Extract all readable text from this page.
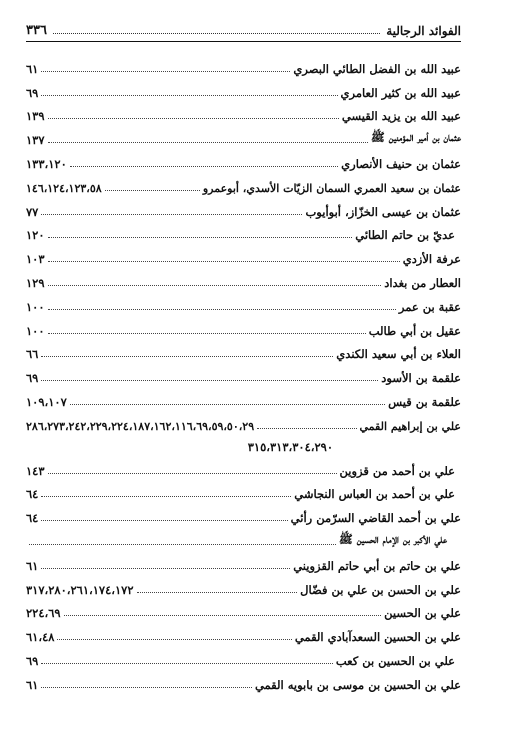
الفوائد الرجالية
٣٣٦
عبيد الله بن الفضل الطائي البصري
٦١
عبيد الله بن كثير العامري
٦٩
عبيد الله بن يزيد القيسي
١٣٩
عثمان بن أمير المؤمنين ﷺ
١٣٧
عثمان بن حنيف الأنصاري
١٣٣،١٢٠
عثمان بن سعيد العمري السمان الزيّات الأسدي، أبوعمرو
١٤٦،١٢٤،١٢٣،٥٨
عثمان بن عيسى الخزّاز، أبوأيوب
٧٧
عديّ بن حاتم الطائي
١٢٠
عرفة الأزدي
١٠٣
العطار من بغداد
١٢٩
عقبة بن عمر
١٠٠
عقيل بن أبي طالب
١٠٠
العلاء بن أبي سعيد الكندي
٦٦
علقمة بن الأسود
٦٩
علقمة بن قيس
١٠٩،١٠٧
علي بن إبراهيم القمي
٢٨٦،٢٧٣،٢٤٢،٢٢٩،٢٢٤،١٨٧،١٦٢،١١٦،٦٩،٥٩،٥٠،٢٩
٣١٥،٣١٣،٣٠٤،٢٩٠
علي بن أحمد من قزوين
١٤٣
علي بن أحمد بن العباس النجاشي
٦٤
علي بن أحمد القاضي السرّمن رأئي
٦٤
علي الأكبر بن الإمام الحسين ﷺ
علي بن حاتم بن أبي حاتم القزويني
٦١
علي بن الحسن بن علي بن فضّال
٣١٧،٢٨٠،٢٦١،١٧٤،١٧٢
علي بن الحسين
٢٢٤،٦٩
علي بن الحسين السعدآبادي القمي
٦١،٤٨
علي بن الحسين بن كعب
٦٩
علي بن الحسين بن موسى بن بابويه القمي
٦١
